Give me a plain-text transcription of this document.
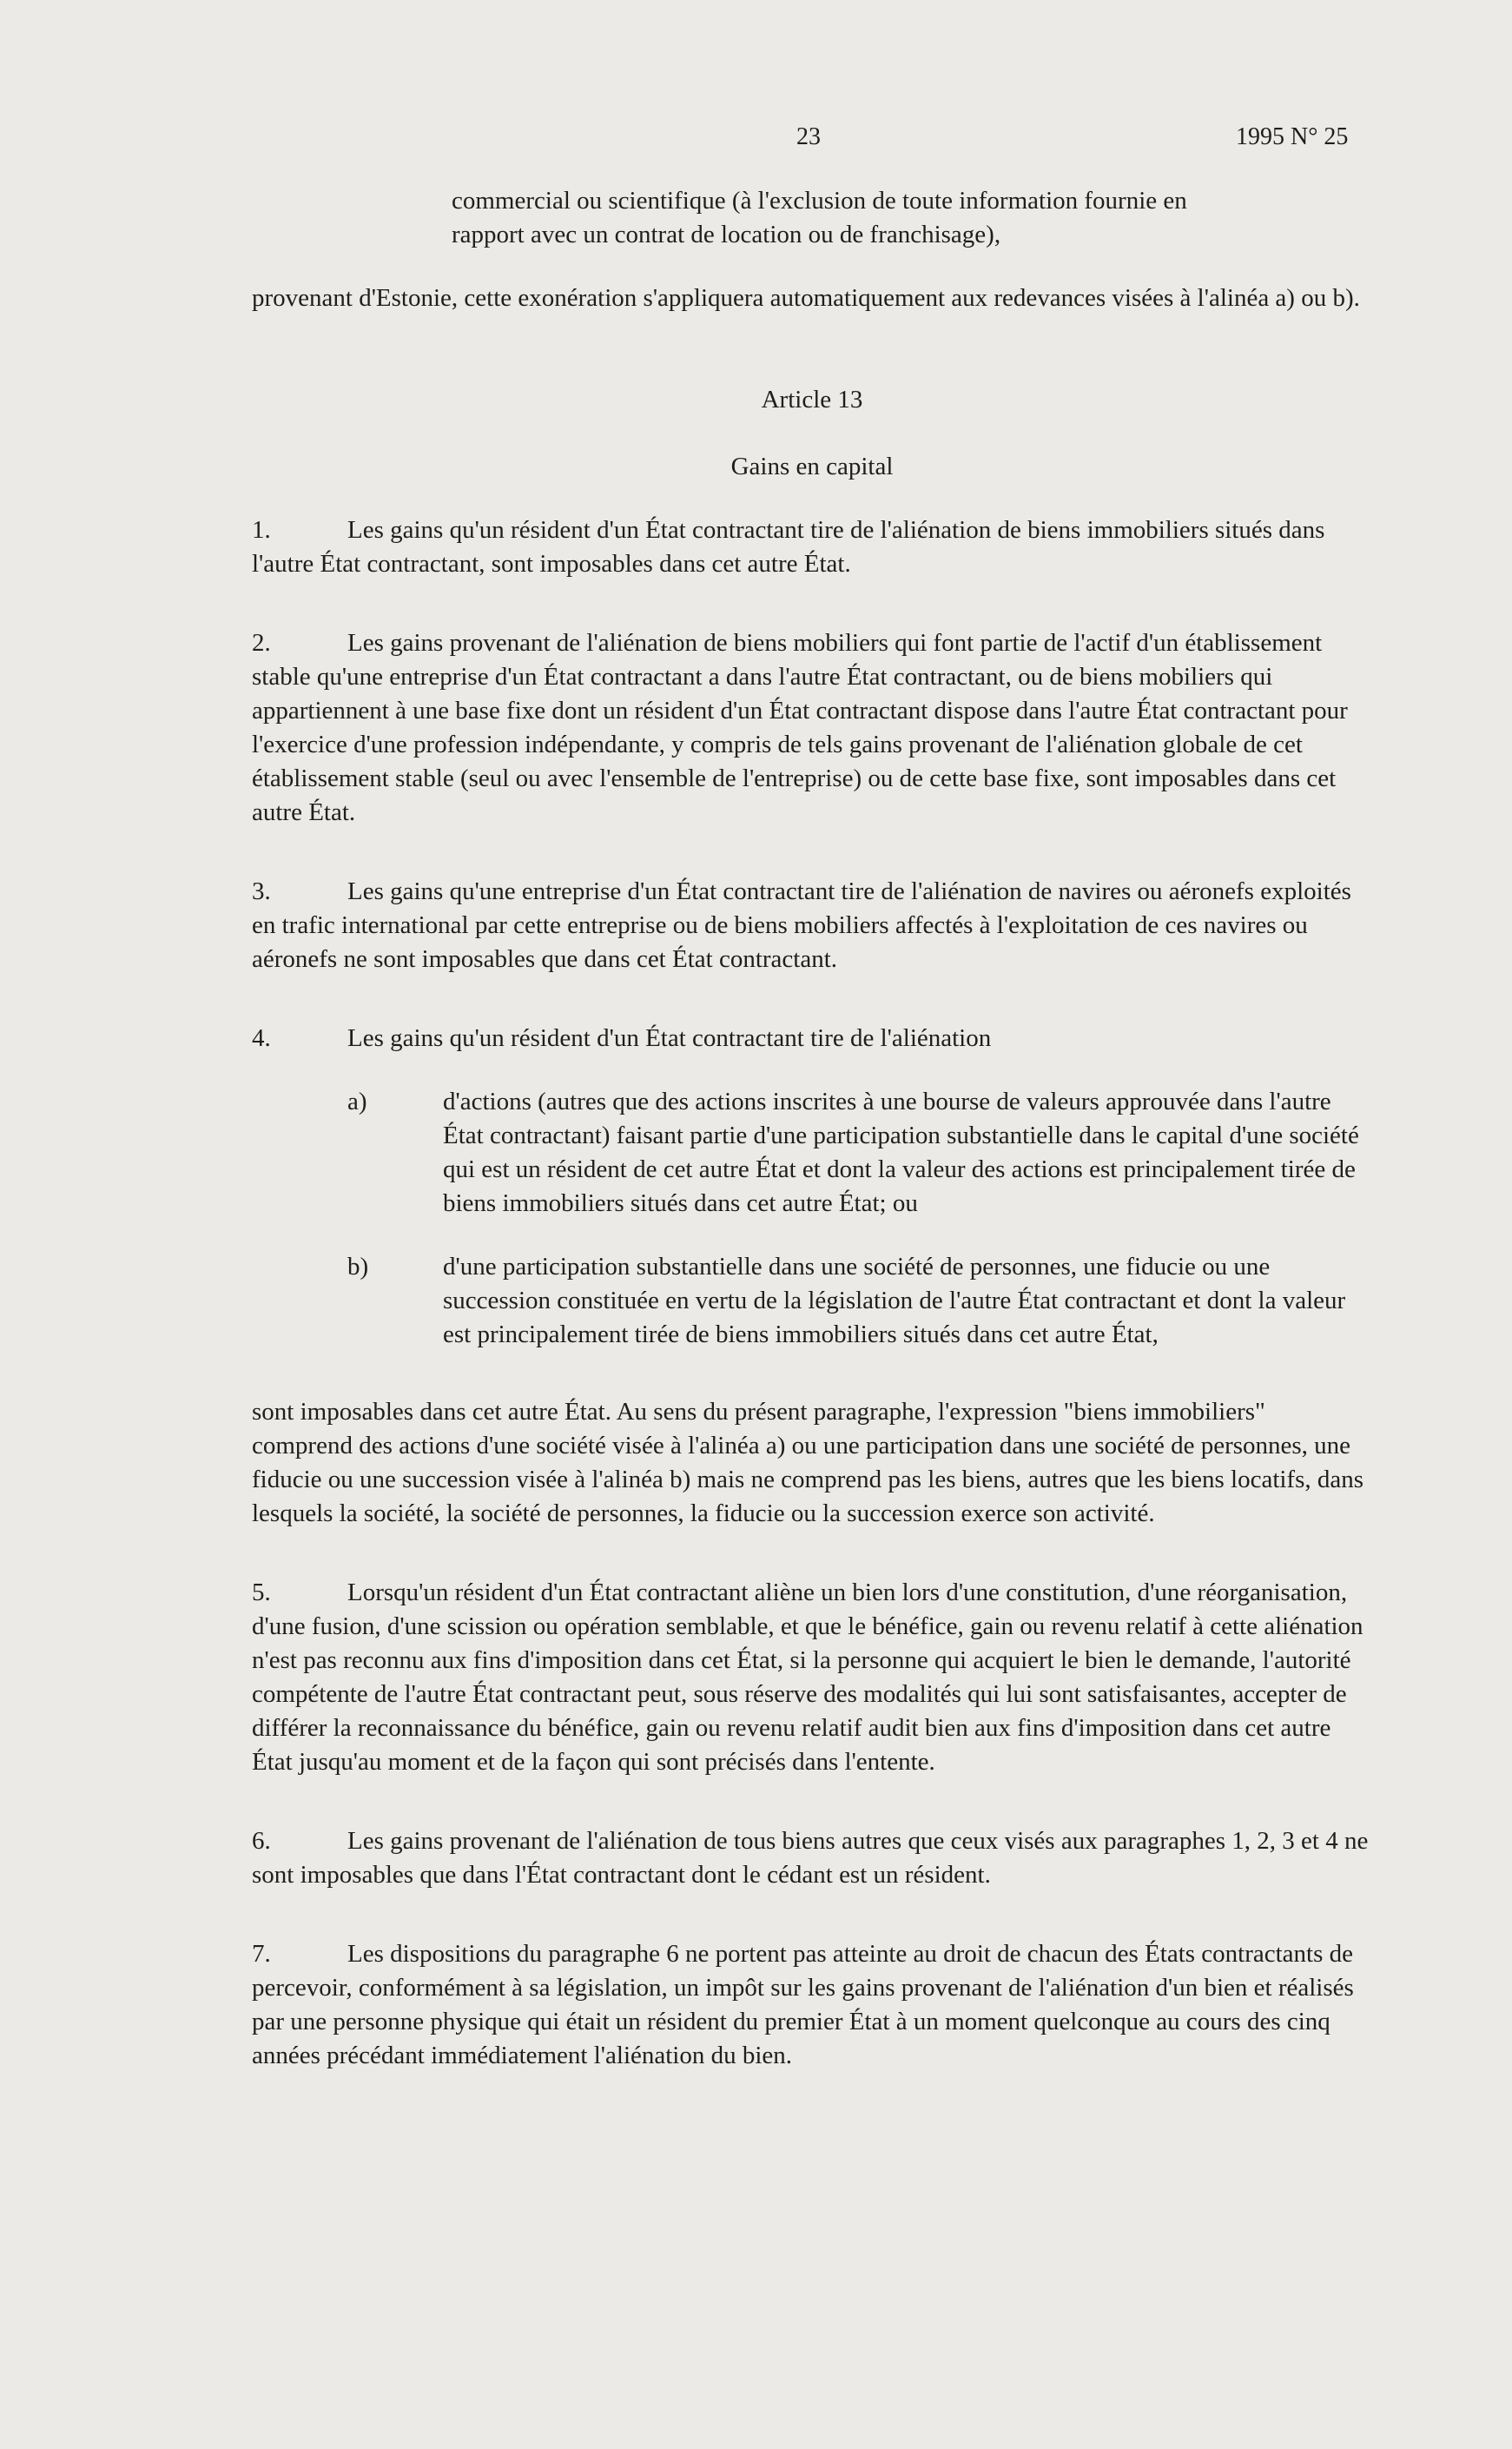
23	1995 N° 25

commercial ou scientifique (à l'exclusion de toute information fournie en

rapport avec un contrat de location ou de franchisage),

provenant d'Estonie, cette exonération s'appliquera automatiquement aux redevances visées à l'alinéa a) ou b).

Article 13

Gains en capital

1.	Les gains qu'un résident d'un État contractant tire de l'aliénation de biens immobiliers situés dans l'autre État contractant, sont imposables dans cet autre État.

2.	Les gains provenant de l'aliénation de biens mobiliers qui font partie de l'actif d'un établissement stable qu'une entreprise d'un État contractant a dans l'autre État contractant, ou de biens mobiliers qui appartiennent à une base fixe dont un résident d'un État contractant dispose dans l'autre État contractant pour l'exercice d'une profession indépendante, y compris de tels gains provenant de l'aliénation globale de cet établissement stable (seul ou avec l'ensemble de l'entreprise) ou de cette base fixe, sont imposables dans cet autre État.

3.	Les gains qu'une entreprise d'un État contractant tire de l'aliénation de navires ou aéronefs exploités en trafic international par cette entreprise ou de biens mobiliers affectés à l'exploitation de ces navires ou aéronefs ne sont imposables que dans cet État contractant.

4.	Les gains qu'un résident d'un État contractant tire de l'aliénation

a)	d'actions (autres que des actions inscrites à une bourse de valeurs approuvée dans l'autre État contractant) faisant partie d'une participation substantielle dans le capital d'une société qui est un résident de cet autre État et dont la valeur des actions est principalement tirée de biens immobiliers situés dans cet autre État; ou
b)	d'une participation substantielle dans une société de personnes, une fiducie ou une succession constituée en vertu de la législation de l'autre État contractant et dont la valeur est principalement tirée de biens immobiliers situés dans cet autre État,

sont imposables dans cet autre État. Au sens du présent paragraphe, l'expression "biens immobiliers" comprend des actions d'une société visée à l'alinéa a) ou une participation dans une société de personnes, une fiducie ou une succession visée à l'alinéa b) mais ne comprend pas les biens, autres que les biens locatifs, dans lesquels la société, la société de personnes, la fiducie ou la succession exerce son activité.

5.	Lorsqu'un résident d'un État contractant aliène un bien lors d'une constitution, d'une réorganisation, d'une fusion, d'une scission ou opération semblable, et que le bénéfice, gain ou revenu relatif à cette aliénation n'est pas reconnu aux fins d'imposition dans cet État, si la personne qui acquiert le bien le demande, l'autorité compétente de l'autre État contractant peut, sous réserve des modalités qui lui sont satisfaisantes, accepter de différer la reconnaissance du bénéfice, gain ou revenu relatif audit bien aux fins d'imposition dans cet autre État jusqu'au moment et de la façon qui sont précisés dans l'entente.

6.	Les gains provenant de l'aliénation de tous biens autres que ceux visés aux paragraphes 1, 2, 3 et 4 ne sont imposables que dans l'État contractant dont le cédant est un résident.

7.	Les dispositions du paragraphe 6 ne portent pas atteinte au droit de chacun des États contractants de percevoir, conformément à sa législation, un impôt sur les gains provenant de l'aliénation d'un bien et réalisés par une personne physique qui était un résident du premier État à un moment quelconque au cours des cinq années précédant immédiatement l'aliénation du bien.
